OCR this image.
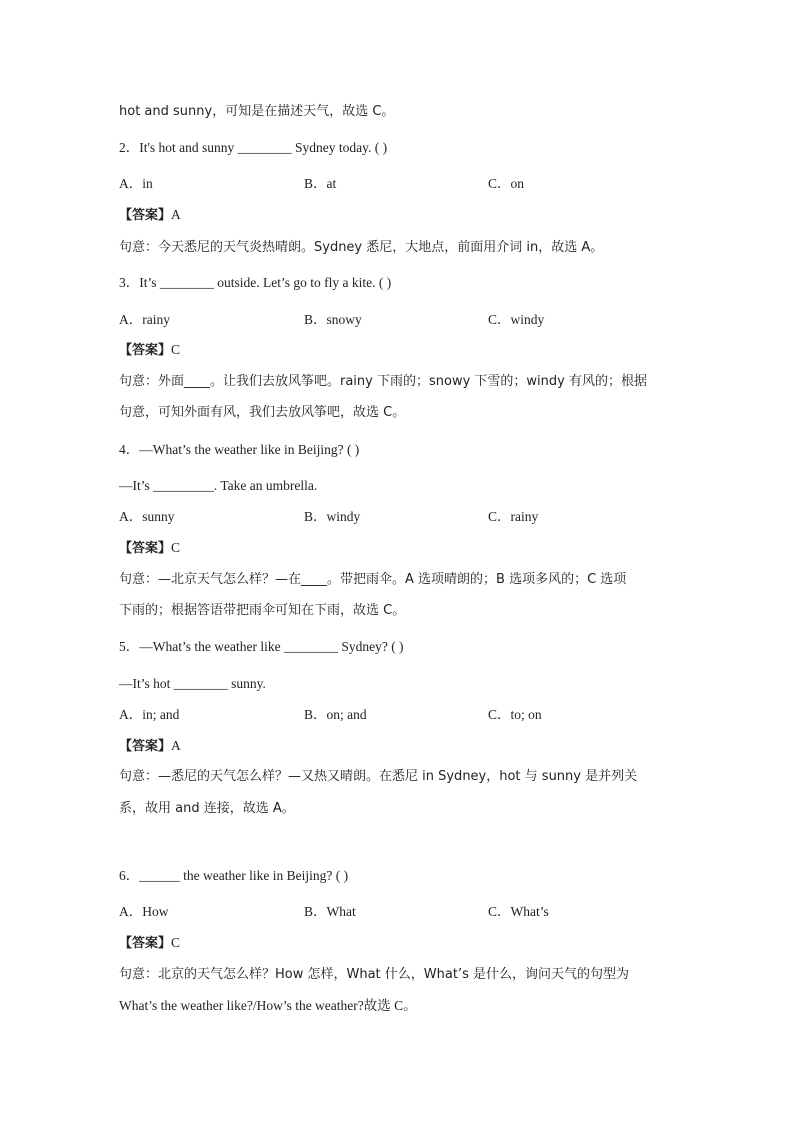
hot and sunny，可知是在描述天气，故选 C。
2．It's hot and sunny ________ Sydney today. ( )
A．in	B．at	C．on
【答案】A
句意：今天悉尼的天气炎热晴朗。Sydney 悉尼，大地点，前面用介词 in，故选 A。
3．It’s ________ outside. Let’s go to fly a kite. ( )
A．rainy	B．snowy	C．windy
【答案】C
句意：外面____。让我们去放风筝吧。rainy 下雨的；snowy 下雪的；windy 有风的；根据
句意，可知外面有风，我们去放风筝吧，故选 C。
4．—What’s the weather like in Beijing? ( )
—It’s _________. Take an umbrella.
A．sunny	B．windy	C．rainy
【答案】C
句意：—北京天气怎么样？—在____。带把雨伞。A 选项晴朗的；B 选项多风的；C 选项
下雨的；根据答语带把雨伞可知在下雨，故选 C。
5．—What’s the weather like ________ Sydney? ( )
—It’s hot ________ sunny.
A．in; and	B．on; and	C．to; on
【答案】A
句意：—悉尼的天气怎么样？—又热又晴朗。在悉尼 in Sydney，hot 与 sunny 是并列关
系，故用 and 连接，故选 A。
6．______ the weather like in Beijing? ( )
A．How	B．What	C．What’s
【答案】C
句意：北京的天气怎么样？How 怎样，What 什么，What’s 是什么，询问天气的句型为
What’s the weather like?/How’s the weather?故选 C。
